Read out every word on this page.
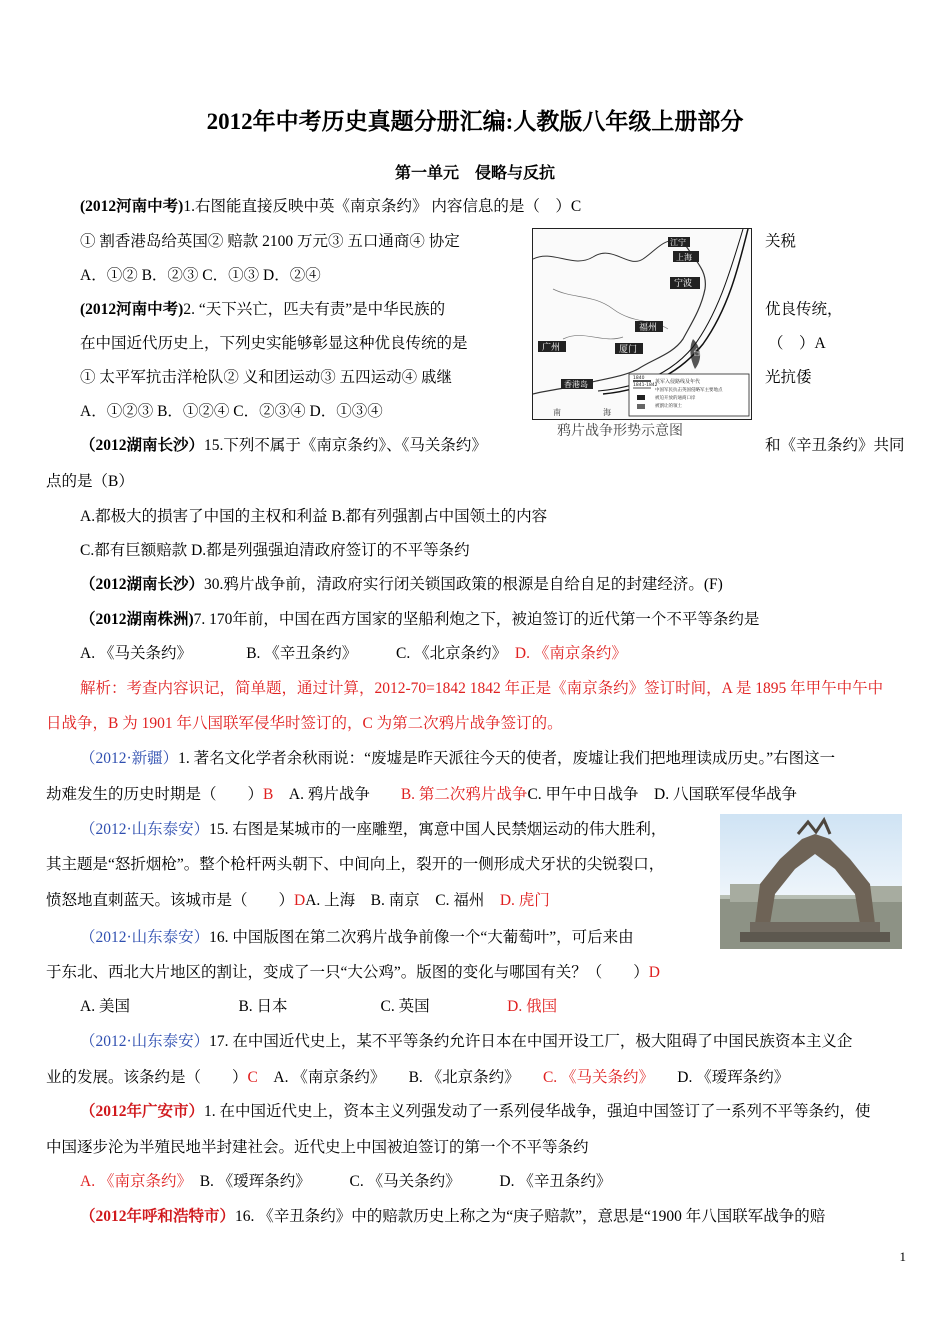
2012年中考历史真题分册汇编:人教版八年级上册部分
第一单元　侵略与反抗
(2012河南中考)1.右图能直接反映中英《南京条约》 内容信息的是（　）C
① 割香港岛给英国② 赔款 2100 万元③ 五口通商④ 协定	关税
A．①② B．②③ C．①③ D．②④
(2012河南中考)2. “天下兴亡，匹夫有责”是中华民族的	优良传统，
在中国近代历史上，下列史实能够彰显这种优良传统的是	（　）A
① 太平军抗击洋枪队② 义和团运动③ 五四运动④ 戚继	光抗倭
A．①②③ B．①②④ C．②③④ D．①③④
江宁
上海
宁波
福州
厦门
广州
香港岛
南	海
台
1840
1841-1842
英军入侵路线及年代
中国军民抗击英国侵略军主要地点
被迫开放的通商口岸
被割让的领土
鸦片战争形势示意图
（2012湖南长沙）15.下列不属于《南京条约》、《马关条约》	和《辛丑条约》共同
点的是（B）
A.都极大的损害了中国的主权和利益 B.都有列强割占中国领土的内容
C.都有巨额赔款 D.都是列强强迫清政府签订的不平等条约
（2012湖南长沙）30.鸦片战争前，清政府实行闭关锁国政策的根源是自给自足的封建经济。(F)
（2012湖南株洲)7. 170年前，中国在西方国家的坚船利炮之下，被迫签订的近代第一个不平等条约是
A. 《马关条约》　　　　B. 《辛丑条约》　　　C. 《北京条约》　 D. 《南京条约》
解析：考查内容识记，简单题，通过计算，2012-70=1842 1842 年正是《南京条约》签订时间，A 是 1895 年甲午中午中
日战争，B 为 1901 年八国联军侵华时签订的，C 为第二次鸦片战争签订的。
（2012·新疆）1. 著名文化学者余秋雨说：“废墟是昨天派往今天的使者，废墟让我们把地理读成历史。”右图这一
劫难发生的历史时期是（　　）B　 A. 鸦片战争　　 B. 第二次鸦片战争C. 甲午中日战争　D. 八国联军侵华战争
（2012·山东泰安）15. 右图是某城市的一座雕塑，寓意中国人民禁烟运动的伟大胜利，
其主题是“怒折烟枪”。整个枪杆两头朝下、中间向上，裂开的一侧形成犬牙状的尖锐裂口，
愤怒地直刺蓝天。该城市是（　　）DA. 上海　B. 南京　C. 福州　 D. 虎门
（2012·山东泰安）16. 中国版图在第二次鸦片战争前像一个“大葡萄叶”，可后来由
于东北、西北大片地区的割让，变成了一只“大公鸡”。版图的变化与哪国有关？（　　）D
A. 美国　　　　　　　B. 日本　　　　　　C. 英国　　　　　	D. 俄国
（2012·山东泰安）17. 在中国近代史上，某不平等条约允许日本在中国开设工厂，极大阻碍了中国民族资本主义企
业的发展。该条约是（　　）C　 A. 《南京条约》　　B. 《北京条约》　　 C. 《马关条约》　　 D. 《瑷珲条约》
（2012年广安市）1. 在中国近代史上，资本主义列强发动了一系列侵华战争，强迫中国签订了一系列不平等条约，使
中国逐步沦为半殖民地半封建社会。近代史上中国被迫签订的第一个不平等条约
A. 《南京条约》　 B. 《瑷珲条约》　　　C. 《马关条约》　　　D. 《辛丑条约》
（2012年呼和浩特市）16. 《辛丑条约》中的赔款历史上称之为“庚子赔款”，意思是“1900 年八国联军战争的赔
1
